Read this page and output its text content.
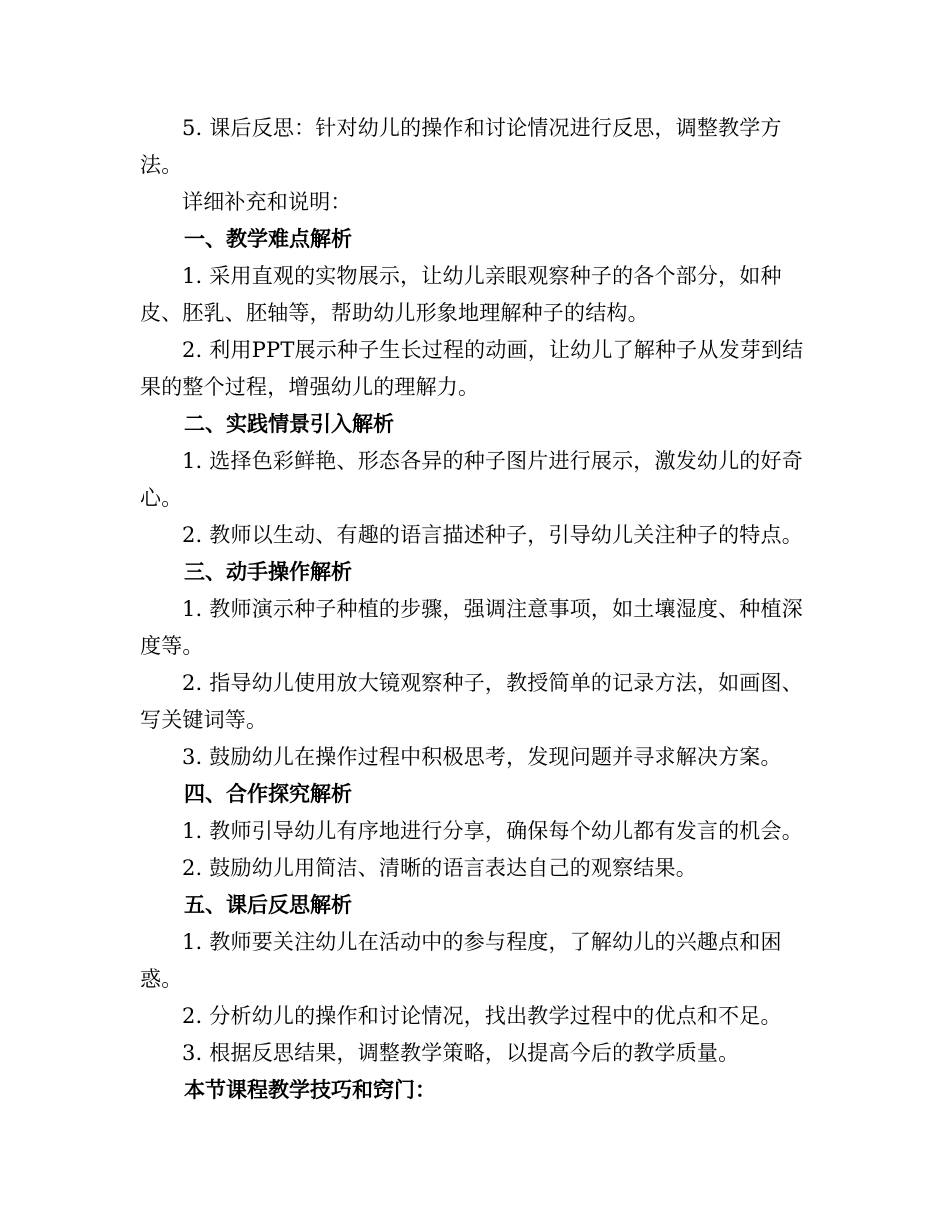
5. 课后反思：针对幼儿的操作和讨论情况进行反思，调整教学方法。

详细补充和说明：

一、教学难点解析

1. 采用直观的实物展示，让幼儿亲眼观察种子的各个部分，如种皮、胚乳、胚轴等，帮助幼儿形象地理解种子的结构。

2. 利用PPT展示种子生长过程的动画，让幼儿了解种子从发芽到结果的整个过程，增强幼儿的理解力。

二、实践情景引入解析

1. 选择色彩鲜艳、形态各异的种子图片进行展示，激发幼儿的好奇心。

2. 教师以生动、有趣的语言描述种子，引导幼儿关注种子的特点。

三、动手操作解析

1. 教师演示种子种植的步骤，强调注意事项，如土壤湿度、种植深度等。

2. 指导幼儿使用放大镜观察种子，教授简单的记录方法，如画图、写关键词等。

3. 鼓励幼儿在操作过程中积极思考，发现问题并寻求解决方案。

四、合作探究解析

1. 教师引导幼儿有序地进行分享，确保每个幼儿都有发言的机会。

2. 鼓励幼儿用简洁、清晰的语言表达自己的观察结果。

五、课后反思解析

1. 教师要关注幼儿在活动中的参与程度，了解幼儿的兴趣点和困惑。

2. 分析幼儿的操作和讨论情况，找出教学过程中的优点和不足。

3. 根据反思结果，调整教学策略，以提高今后的教学质量。

本节课程教学技巧和窍门：
